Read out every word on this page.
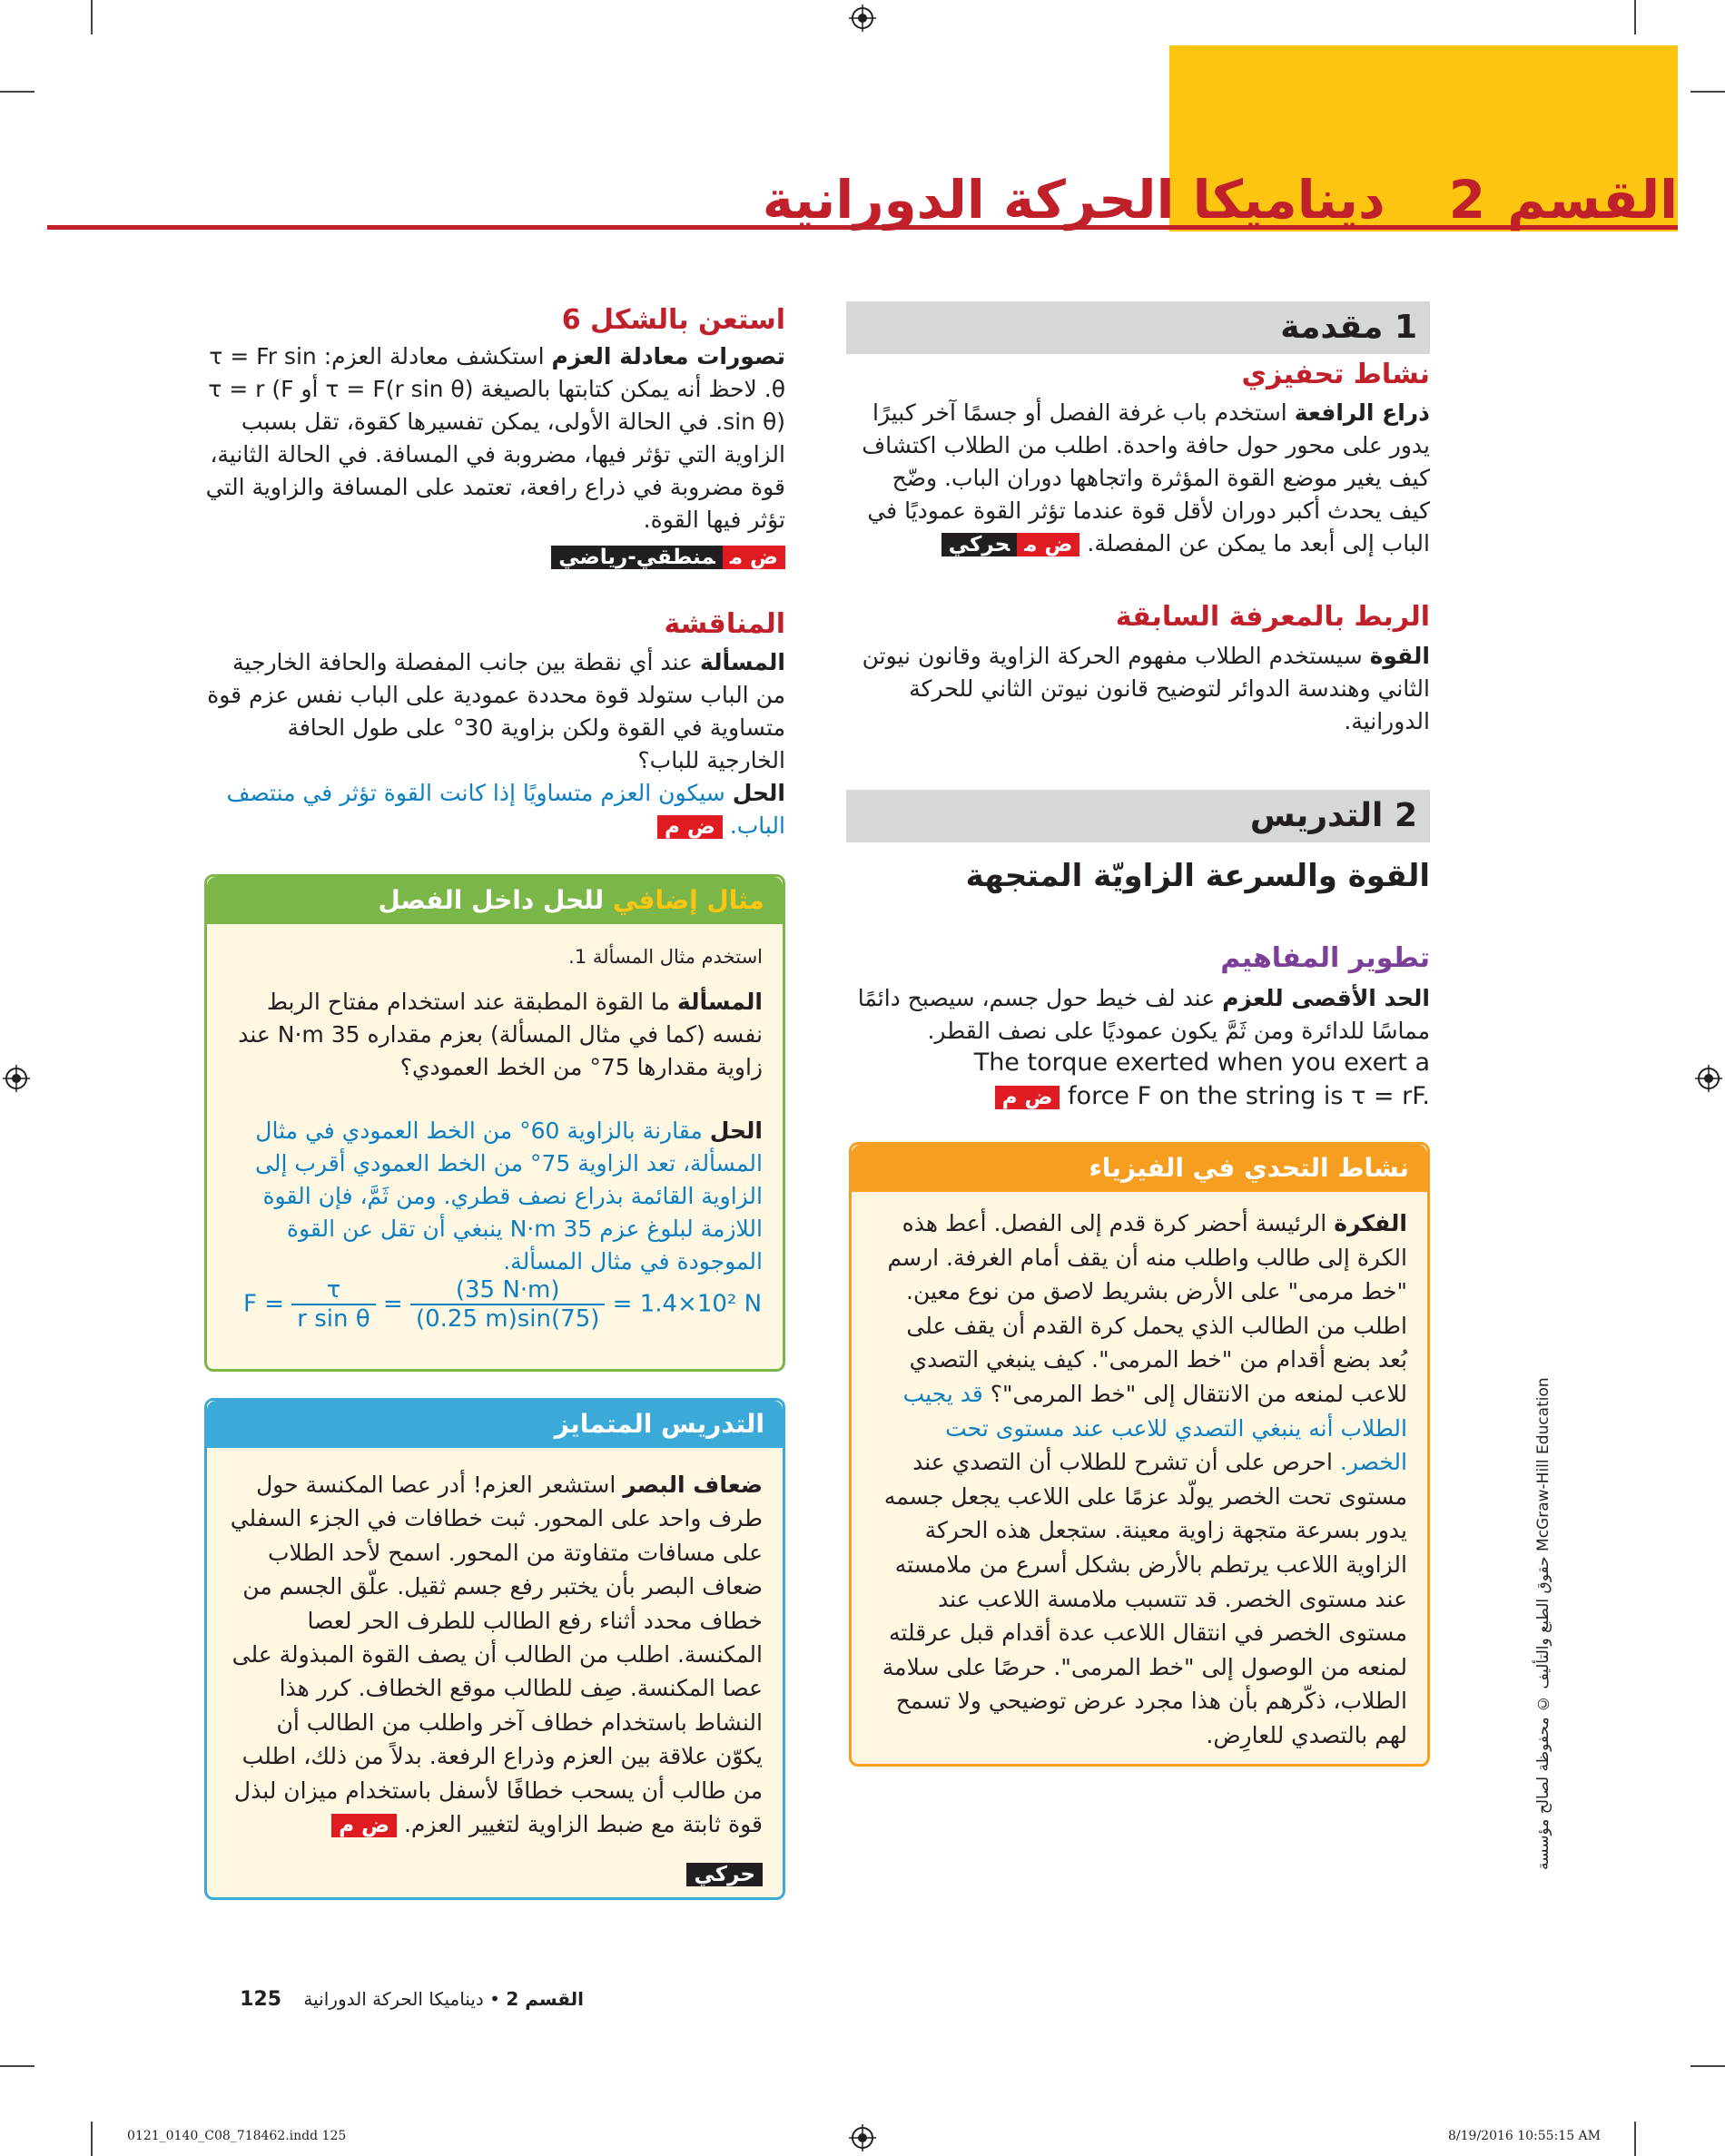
القسم2ديناميكا الحركة الدورانية
1 مقدمة
نشاط تحفيزي
ذراع الرافعة استخدم باب غرفة الفصل أو جسمًا آخر كبيرًا يدور على محور حول حافة واحدة. اطلب من الطلاب اكتشاف كيف يغير موضع القوة المؤثرة واتجاهها دوران الباب. وضّح كيف يحدث أكبر دوران لأقل قوة عندما تؤثر القوة عموديًا في الباب إلى أبعد ما يمكن عن المفصلة. ض محركي
الربط بالمعرفة السابقة
القوة سيستخدم الطلاب مفهوم الحركة الزاوية وقانون نيوتن الثاني وهندسة الدوائر لتوضيح قانون نيوتن الثاني للحركة الدورانية.
2 التدريس
القوة والسرعة الزاويّة المتجهة
تطوير المفاهيم
الحد الأقصى للعزم عند لف خيط حول جسم، سيصبح دائمًا مماسًا للدائرة ومن ثَمَّ يكون عموديًا على نصف القطر.
The torque exerted when you exert a
ض م force F on the string is τ = rF.
نشاط التحدي في الفيزياء
الفكرة الرئيسة أحضر كرة قدم إلى الفصل. أعط هذه الكرة إلى طالب واطلب منه أن يقف أمام الغرفة. ارسم "خط مرمى" على الأرض بشريط لاصق من نوع معين. اطلب من الطالب الذي يحمل كرة القدم أن يقف على بُعد بضع أقدام من "خط المرمى". كيف ينبغي التصدي للاعب لمنعه من الانتقال إلى "خط المرمى"؟ قد يجيب الطلاب أنه ينبغي التصدي للاعب عند مستوى تحت الخصر. احرص على أن تشرح للطلاب أن التصدي عند مستوى تحت الخصر يولّد عزمًا على اللاعب يجعل جسمه يدور بسرعة متجهة زاوية معينة. ستجعل هذه الحركة الزاوية اللاعب يرتطم بالأرض بشكل أسرع من ملامسته عند مستوى الخصر. قد تتسبب ملامسة اللاعب عند مستوى الخصر في انتقال اللاعب عدة أقدام قبل عرقلته لمنعه من الوصول إلى "خط المرمى". حرصًا على سلامة الطلاب، ذكّرهم بأن هذا مجرد عرض توضيحي ولا تسمح لهم بالتصدي للعارِض.
استعن بالشكل 6
تصورات معادلة العزم استكشف معادلة العزم: τ = Fr sin θ. لاحظ أنه يمكن كتابتها بالصيغة τ = F(r sin θ) أو τ = r (F sin θ). في الحالة الأولى، يمكن تفسيرها كقوة، تقل بسبب الزاوية التي تؤثر فيها، مضروبة في المسافة. في الحالة الثانية، قوة مضروبة في ذراع رافعة، تعتمد على المسافة والزاوية التي تؤثر فيها القوة.
ض ممنطقي-رياضي
المناقشة
المسألة عند أي نقطة بين جانب المفصلة والحافة الخارجية من الباب ستولد قوة محددة عمودية على الباب نفس عزم قوة متساوية في القوة ولكن بزاوية 30° على طول الحافة الخارجية للباب؟
الحل سيكون العزم متساويًا إذا كانت القوة تؤثر في منتصف الباب. ض م
مثال إضافي للحل داخل الفصل
استخدم مثال المسألة 1.
المسألة ما القوة المطبقة عند استخدام مفتاح الربط نفسه (كما في مثال المسألة) بعزم مقداره 35 N·m عند زاوية مقدارها 75° من الخط العمودي؟
الحل مقارنة بالزاوية 60° من الخط العمودي في مثال المسألة، تعد الزاوية 75° من الخط العمودي أقرب إلى الزاوية القائمة بذراع نصف قطري. ومن ثَمَّ، فإن القوة اللازمة لبلوغ عزم 35 N·m ينبغي أن تقل عن القوة الموجودة في مثال المسألة.
$F = \frac{\tau}{\text{r sin θ}} = \frac{(35 N\cdot m)}{(0.25 m)\sin(75)} = 1.4\times 10^2$ N
التدريس المتمايز
ضعاف البصر استشعر العزم! أدر عصا المكنسة حول طرف واحد على المحور. ثبت خطافات في الجزء السفلي على مسافات متفاوتة من المحور. اسمح لأحد الطلاب ضعاف البصر بأن يختبر رفع جسم ثقيل. علّق الجسم من خطاف محدد أثناء رفع الطالب للطرف الحر لعصا المكنسة. اطلب من الطالب أن يصف القوة المبذولة على عصا المكنسة. صِف للطالب موقع الخطاف. كرر هذا النشاط باستخدام خطاف آخر واطلب من الطالب أن يكوّن علاقة بين العزم وذراع الرفعة. بدلاً من ذلك، اطلب من طالب أن يسحب خطافًا لأسفل باستخدام ميزان لبذل قوة ثابتة مع ضبط الزاوية لتغيير العزم. ض م
حركي
حقوق الطبع والتأليف © محفوظة لصالح مؤسسة McGraw-Hill Education
القسم 2 • ديناميكا الحركة الدورانية 125
0121_0140_C08_718462.indd 125	8/19/2016 10:55:15 AM
